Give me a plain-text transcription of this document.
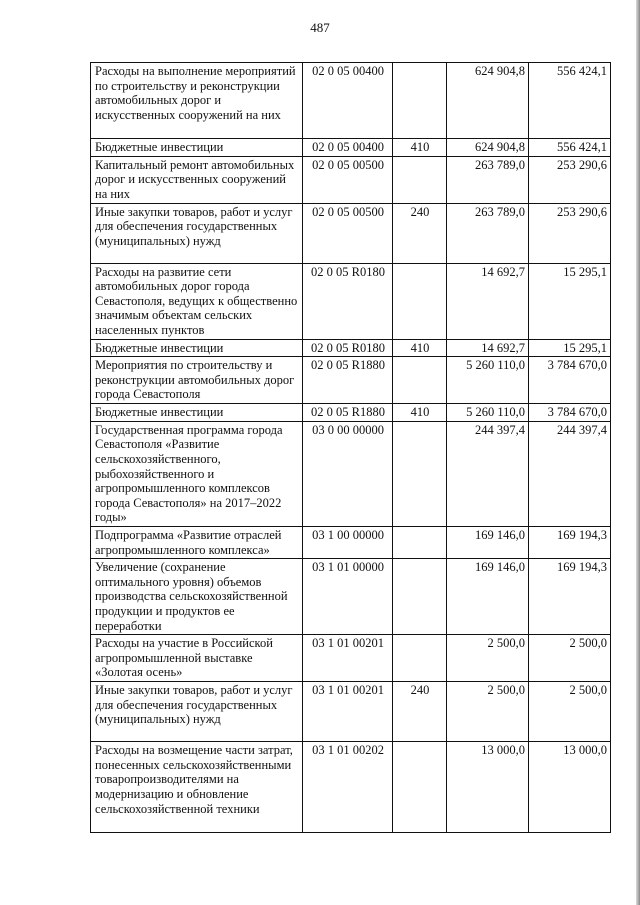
487
Расходы на выполнение мероприятий по строительству и реконструкции автомобильных дорог и искусственных сооружений на них	02 0 05 00400		624 904,8	556 424,1
Бюджетные инвестиции	02 0 05 00400	410	624 904,8	556 424,1
Капитальный ремонт автомобильных дорог и искусственных сооружений на них	02 0 05 00500		263 789,0	253 290,6
Иные закупки товаров, работ и услуг для обеспечения государственных (муниципальных) нужд	02 0 05 00500	240	263 789,0	253 290,6
Расходы на развитие сети автомобильных дорог города Севастополя, ведущих к общественно значимым объектам сельских населенных пунктов	02 0 05 R0180		14 692,7	15 295,1
Бюджетные инвестиции	02 0 05 R0180	410	14 692,7	15 295,1
Мероприятия по строительству и реконструкции автомобильных дорог города Севастополя	02 0 05 R1880		5 260 110,0	3 784 670,0
Бюджетные инвестиции	02 0 05 R1880	410	5 260 110,0	3 784 670,0
Государственная программа города Севастополя «Развитие сельскохозяйственного, рыбохозяйственного и агропромышленного комплексов города Севастополя» на 2017–2022 годы»	03 0 00 00000		244 397,4	244 397,4
Подпрограмма «Развитие отраслей агропромышленного комплекса»	03 1 00 00000		169 146,0	169 194,3
Увеличение (сохранение оптимального уровня) объемов производства сельскохозяйственной продукции и продуктов ее переработки	03 1 01 00000		169 146,0	169 194,3
Расходы на участие в Российской агропромышленной выставке «Золотая осень»	03 1 01 00201		2 500,0	2 500,0
Иные закупки товаров, работ и услуг для обеспечения государственных (муниципальных) нужд	03 1 01 00201	240	2 500,0	2 500,0
Расходы на возмещение части затрат, понесенных сельскохозяйственными товаропроизводителями на модернизацию и обновление сельскохозяйственной техники	03 1 01 00202		13 000,0	13 000,0
